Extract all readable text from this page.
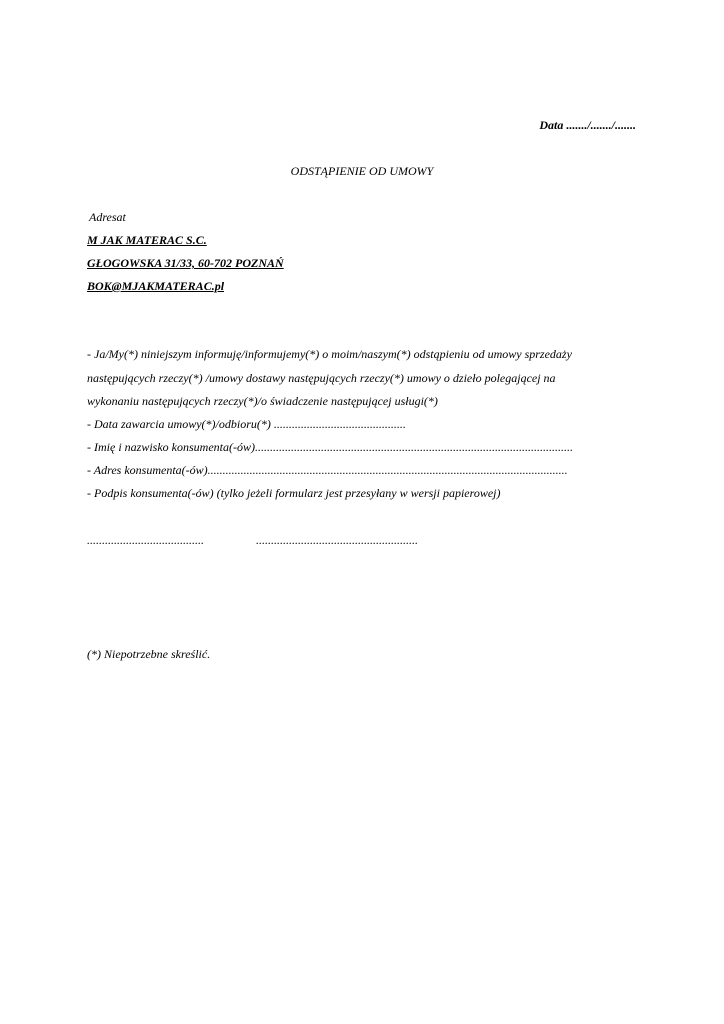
Data ......./......./.......
ODSTĄPIENIE OD UMOWY
Adresat
M JAK MATERAC S.C.
GŁOGOWSKA 31/33, 60-702 POZNAŃ
BOK@MJAKMATERAC.pl
- Ja/My(*) niniejszym informuję/informujemy(*) o moim/naszym(*) odstąpieniu od umowy sprzedaży
następujących rzeczy(*) /umowy dostawy następujących rzeczy(*) umowy o dzieło polegającej na
wykonaniu następujących rzeczy(*)/o świadczenie następującej usługi(*)
- Data zawarcia umowy(*)/odbioru(*) ............................................
- Imię i nazwisko konsumenta(-ów)..........................................................................................................
- Adres konsumenta(-ów)........................................................................................................................
- Podpis konsumenta(-ów) (tylko jeżeli formularz jest przesyłany w wersji papierowej)
.......................................	......................................................
(*) Niepotrzebne skreślić.
